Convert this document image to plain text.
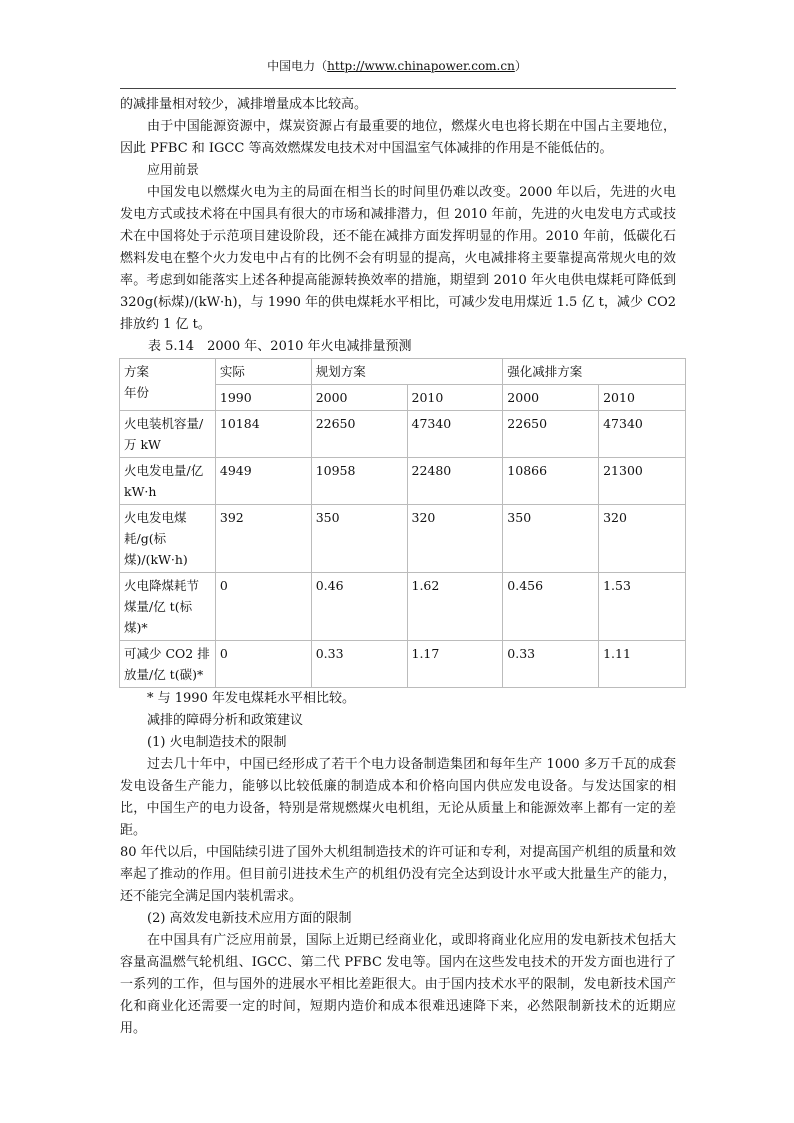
中国电力（http://www.chinapower.com.cn）

的减排量相对较少，减排增量成本比较高。

由于中国能源资源中，煤炭资源占有最重要的地位，燃煤火电也将长期在中国占主要地位，因此 PFBC 和 IGCC 等高效燃煤发电技术对中国温室气体减排的作用是不能低估的。

应用前景

中国发电以燃煤火电为主的局面在相当长的时间里仍难以改变。2000 年以后，先进的火电发电方式或技术将在中国具有很大的市场和减排潜力，但 2010 年前，先进的火电发电方式或技术在中国将处于示范项目建设阶段，还不能在减排方面发挥明显的作用。2010 年前，低碳化石燃料发电在整个火力发电中占有的比例不会有明显的提高，火电减排将主要靠提高常规火电的效率。考虑到如能落实上述各种提高能源转换效率的措施，期望到 2010 年火电供电煤耗可降低到 320g(标煤)/(kW·h)，与 1990 年的供电煤耗水平相比，可减少发电用煤近 1.5 亿 t，减少 CO2 排放约 1 亿 t。

表 5.14　2000 年、2010 年火电减排量预测

方案
年份	实际	规划方案		强化减排方案	
	1990	2000	2010	2000	2010
火电装机容量/万 kW	10184	22650	47340	22650	47340
火电发电量/亿 kW·h	4949	10958	22480	10866	21300
火电发电煤耗/g(标煤)/(kW·h)	392	350	320	350	320
火电降煤耗节煤量/亿 t(标煤)*	0	0.46	1.62	0.456	1.53
可减少 CO2 排放量/亿 t(碳)*	0	0.33	1.17	0.33	1.11

* 与 1990 年发电煤耗水平相比较。

减排的障碍分析和政策建议

(1) 火电制造技术的限制

过去几十年中，中国已经形成了若干个电力设备制造集团和每年生产 1000 多万千瓦的成套发电设备生产能力，能够以比较低廉的制造成本和价格向国内供应发电设备。与发达国家的相比，中国生产的电力设备，特别是常规燃煤火电机组，无论从质量上和能源效率上都有一定的差距。

80 年代以后，中国陆续引进了国外大机组制造技术的许可证和专利，对提高国产机组的质量和效率起了推动的作用。但目前引进技术生产的机组仍没有完全达到设计水平或大批量生产的能力，还不能完全满足国内装机需求。

(2) 高效发电新技术应用方面的限制

在中国具有广泛应用前景，国际上近期已经商业化，或即将商业化应用的发电新技术包括大容量高温燃气轮机组、IGCC、第二代 PFBC 发电等。国内在这些发电技术的开发方面也进行了一系列的工作，但与国外的进展水平相比差距很大。由于国内技术水平的限制，发电新技术国产化和商业化还需要一定的时间，短期内造价和成本很难迅速降下来，必然限制新技术的近期应用。
